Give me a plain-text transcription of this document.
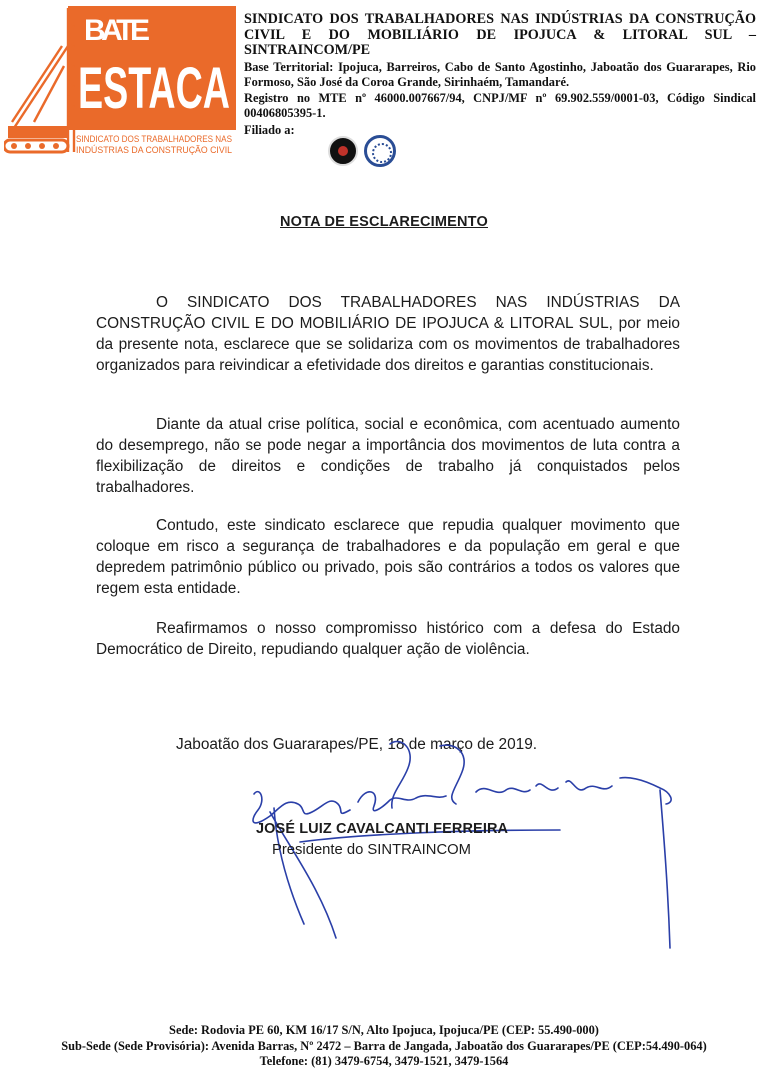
BATE
ESTACA
SINDICATO DOS TRABALHADORES NAS
INDÚSTRIAS DA CONSTRUÇÃO CIVIL
SINDICATO DOS TRABALHADORES NAS INDÚSTRIAS DA CONSTRUÇÃO CIVIL E DO MOBILIÁRIO DE IPOJUCA & LITORAL SUL – SINTRAINCOM/PE
Base Territorial: Ipojuca, Barreiros, Cabo de Santo Agostinho, Jaboatão dos Guararapes, Rio Formoso, São José da Coroa Grande, Sirinhaém, Tamandaré.
Registro no MTE nº 46000.007667/94, CNPJ/MF nº 69.902.559/0001-03, Código Sindical 00406805395-1.
Filiado a:
NOTA DE ESCLARECIMENTO

O SINDICATO DOS TRABALHADORES NAS INDÚSTRIAS DA CONSTRUÇÃO CIVIL E DO MOBILIÁRIO DE IPOJUCA & LITORAL SUL, por meio da presente nota, esclarece que se solidariza com os movimentos de trabalhadores organizados para reivindicar a efetividade dos direitos e garantias constitucionais.

Diante da atual crise política, social e econômica, com acentuado aumento do desemprego, não se pode negar a importância dos movimentos de luta contra a flexibilização de direitos e condições de trabalho já conquistados pelos trabalhadores.

Contudo, este sindicato esclarece que repudia qualquer movimento que coloque em risco a segurança de trabalhadores e da população em geral e que depredem patrimônio público ou privado, pois são contrários a todos os valores que regem esta entidade.

Reafirmamos o nosso compromisso histórico com a defesa do Estado Democrático de Direito, repudiando qualquer ação de violência.

Jaboatão dos Guararapes/PE, 18 de março de 2019.
JOSÉ LUIZ CAVALCANTI FERREIRA
Presidente do SINTRAINCOM
Sede: Rodovia PE 60, KM 16/17 S/N, Alto Ipojuca, Ipojuca/PE (CEP: 55.490-000)
Sub-Sede (Sede Provisória): Avenida Barras, Nº 2472 – Barra de Jangada, Jaboatão dos Guararapes/PE (CEP:54.490-064)
Telefone: (81) 3479-6754, 3479-1521, 3479-1564
